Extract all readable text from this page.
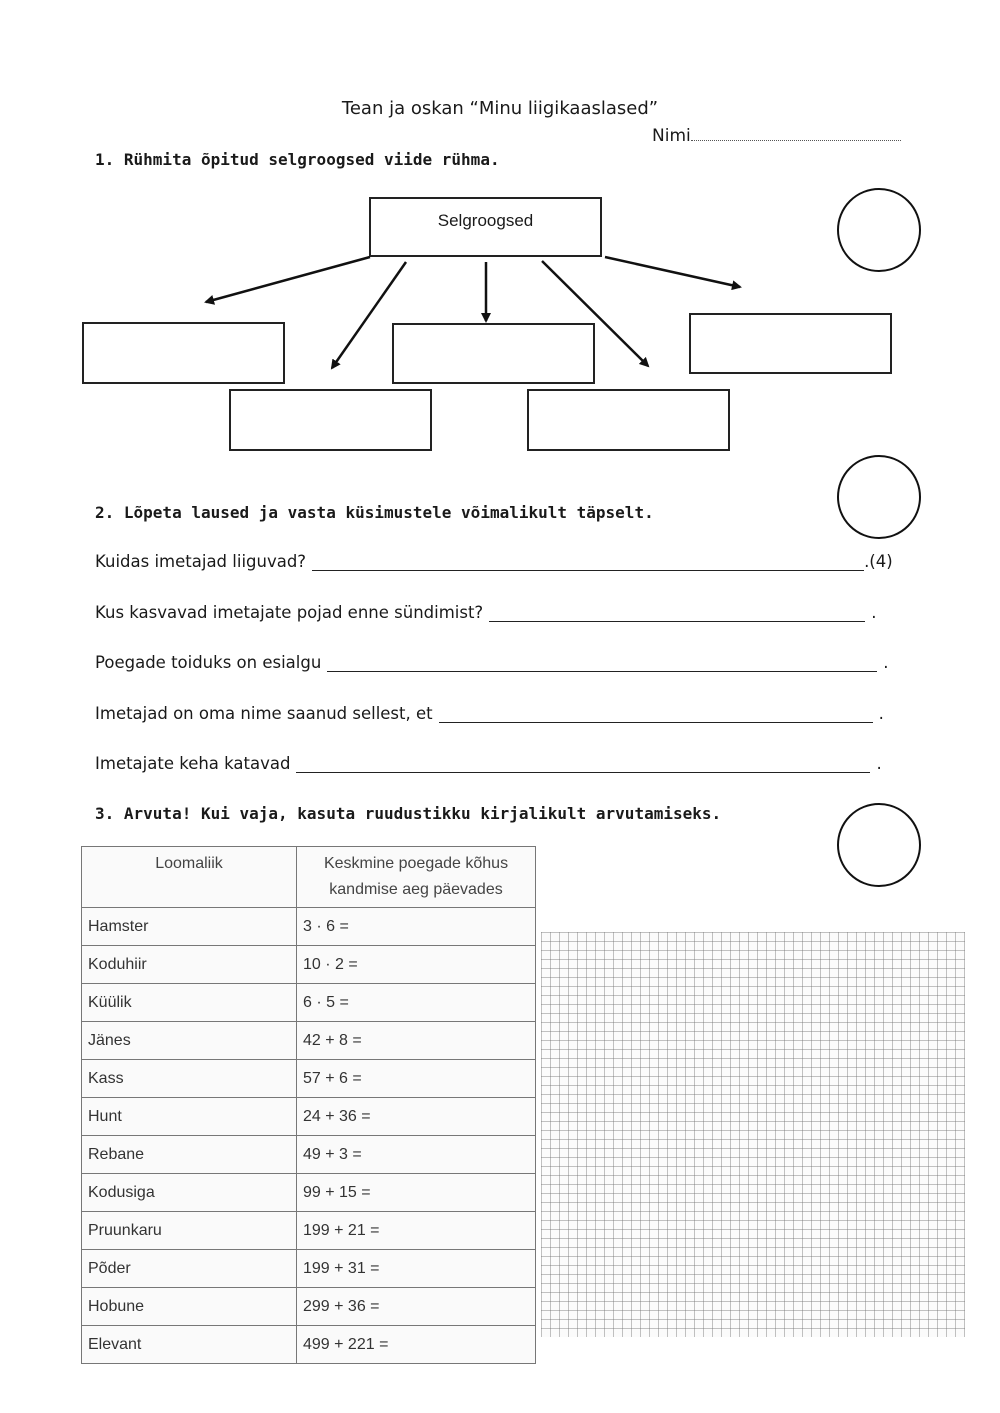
Tean ja oskan “Minu liigikaaslased”
Nimi
1. Rühmita õpitud selgroogsed viide rühma.
Selgroogsed
2. Lõpeta laused ja vasta küsimustele võimalikult täpselt.
Kuidas imetajad liiguvad?	.(4)
Kus kasvavad imetajate pojad enne sündimist?	.
Poegade toiduks on esialgu	.
Imetajad on oma nime saanud sellest, et	.
Imetajate keha katavad	.
3. Arvuta! Kui vaja, kasuta ruudustikku kirjalikult arvutamiseks.
Loomaliik	Keskmine poegade kõhus kandmise aeg päevades
Hamster	3 · 6 =
Koduhiir	10 · 2 =
Küülik	6 · 5 =
Jänes	42 + 8 =
Kass	57 + 6 =
Hunt	24 + 36 =
Rebane	49 + 3 =
Kodusiga	99 + 15 =
Pruunkaru	199 + 21 =
Põder	199 + 31 =
Hobune	299 + 36 =
Elevant	499 + 221 =
